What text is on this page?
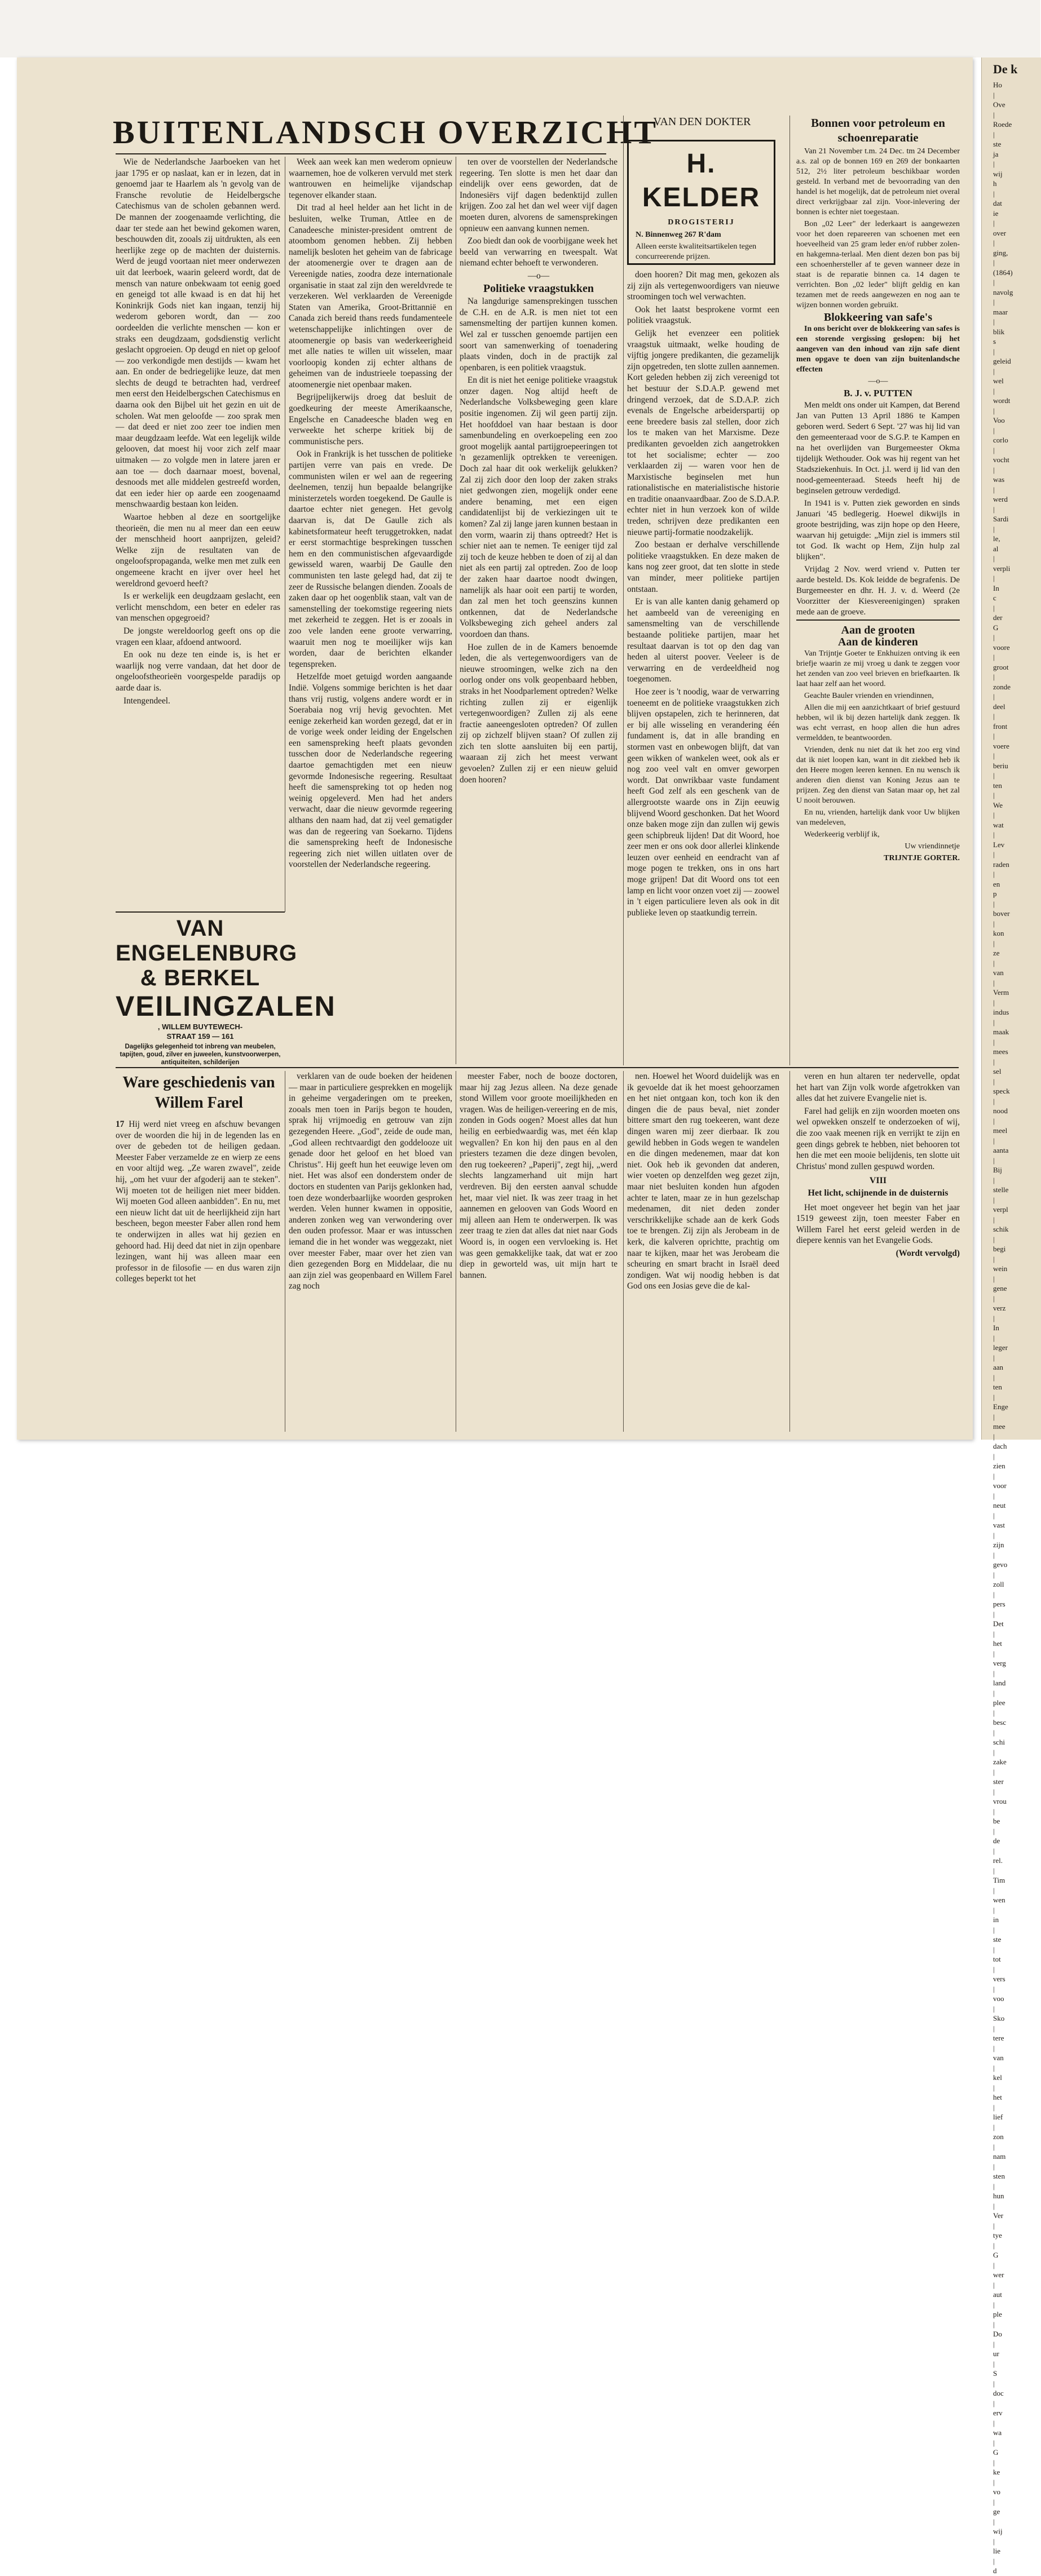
BUITENLANDSCH OVERZICHT

Wie de Nederlandsche Jaarboeken van het jaar 1795 er op naslaat, kan er in lezen, dat in genoemd jaar te Haarlem als 'n gevolg van de Fransche revolutie de Heidelbergsche Catechismus van de scholen gebannen werd. De mannen der zoogenaamde verlichting, die daar ter stede aan het bewind gekomen waren, beschouwden dit, zooals zij uitdrukten, als een heerlijke zege op de machten der duisternis. Werd de jeugd voortaan niet meer onderwezen uit dat leerboek, waarin geleerd wordt, dat de mensch van nature onbekwaam tot eenig goed en geneigd tot alle kwaad is en dat hij het Koninkrijk Gods niet kan ingaan, tenzij hij wederom geboren wordt, dan — zoo oordeelden die verlichte menschen — kon er straks een deugdzaam, godsdienstig verlicht geslacht opgroeien. Op deugd en niet op geloof — zoo verkondigde men destijds — kwam het aan. En onder de bedriegelijke leuze, dat men slechts de deugd te betrachten had, verdreef men eerst den Heidelbergschen Catechismus en daarna ook den Bijbel uit het gezin en uit de scholen. Wat men geloofde — zoo sprak men — dat deed er niet zoo zeer toe indien men maar deugdzaam leefde. Wat een legelijk wilde gelooven, dat moest hij voor zich zelf maar uitmaken — zo volgde men in latere jaren er aan toe — doch daarnaar moest, bovenal, desnoods met alle middelen gestreefd worden, dat een ieder hier op aarde een zoogenaamd menschwaardig bestaan kon leiden.

Waartoe hebben al deze en soortgelijke theorieën, die men nu al meer dan een eeuw der menschheid hoort aanprijzen, geleid? Welke zijn de resultaten van de ongeloofspropaganda, welke men met zulk een ongemeene kracht en ijver over heel het wereldrond gevoerd heeft?

Is er werkelijk een deugdzaam geslacht, een verlicht menschdom, een beter en edeler ras van menschen opgegroeid?

De jongste wereldoorlog geeft ons op die vragen een klaar, afdoend antwoord.

En ook nu deze ten einde is, is het er waarlijk nog verre vandaan, dat het door de ongeloofstheorieën voorgespelde paradijs op aarde daar is.

Intengendeel.

Week aan week kan men wederom opnieuw waarnemen, hoe de volkeren vervuld met sterk wantrouwen en heimelijke vijandschap tegenover elkander staan.

Dit trad al heel helder aan het licht in de besluiten, welke Truman, Attlee en de Canadeesche minister-president omtrent de atoombom genomen hebben. Zij hebben namelijk besloten het geheim van de fabricage der atoomenergie over te dragen aan de Vereenigde naties, zoodra deze internationale organisatie in staat zal zijn den wereldvrede te verzekeren. Wel verklaarden de Vereenigde Staten van Amerika, Groot-Brittannië en Canada zich bereid thans reeds fundamenteele wetenschappelijke inlichtingen over de atoomenergie op basis van wederkeerigheid met alle naties te willen uit wisselen, maar voorloopig konden zij echter althans de geheimen van de industrieele toepassing der atoomenergie niet openbaar maken.

Begrijpelijkerwijs droeg dat besluit de goedkeuring der meeste Amerikaansche, Engelsche en Canadeesche bladen weg en verweekte het scherpe kritiek bij de communistische pers.

Ook in Frankrijk is het tusschen de politieke partijen verre van pais en vrede. De communisten wilen er wel aan de regeering deelnemen, tenzij hun bepaalde belangrijke ministerzetels worden toegekend. De Gaulle is daartoe echter niet genegen. Het gevolg daarvan is, dat De Gaulle zich als kabinetsformateur heeft teruggetrokken, nadat er eerst stormachtige besprekingen tusschen hem en den communistischen afgevaardigde gewisseld waren, waarbij De Gaulle den communisten ten laste gelegd had, dat zij te zeer de Russische belangen dienden. Zooals de zaken daar op het oogenblik staan, valt van de samenstelling der toekomstige regeering niets met zekerheid te zeggen. Het is er zooals in zoo vele landen eene groote verwarring, waaruit men nog te moeilijker wijs kan worden, daar de berichten elkander tegenspreken.

Hetzelfde moet getuigd worden aangaande Indië. Volgens sommige berichten is het daar thans vrij rustig, volgens andere wordt er in Soerabaia nog vrij hevig gevochten. Met eenige zekerheid kan worden gezegd, dat er in de vorige week onder leiding der Engelschen een samenspreking heeft plaats gevonden tusschen door de Nederlandsche regeering daartoe gemachtigden met een nieuw gevormde Indonesische regeering. Resultaat heeft die samenspreking tot op heden nog weinig opgeleverd. Men had het anders verwacht, daar die nieuw gevormde regeering althans den naam had, dat zij veel gematigder was dan de regeering van Soekarno. Tijdens die samenspreking heeft de Indonesische regeering zich niet willen uitlaten over de voorstellen der Nederlandsche regeering.

ten over de voorstellen der Nederlandsche regeering. Ten slotte is men het daar dan eindelijk over eens geworden, dat de Indonesiërs vijf dagen bedenktijd zullen krijgen. Zoo zal het dan wel weer vijf dagen moeten duren, alvorens de samensprekingen opnieuw een aanvang kunnen nemen.

Zoo biedt dan ook de voorbijgane week het beeld van verwarring en tweespalt. Wat niemand echter behoeft te verwonderen.

—o—

Politieke vraagstukken

Na langdurige samensprekingen tusschen de C.H. en de A.R. is men niet tot een samensmelting der partijen kunnen komen. Wel zal er tusschen genoemde partijen een soort van samenwerking of toenadering plaats vinden, doch in de practijk zal openbaren, is een politiek vraagstuk.

En dit is niet het eenige politieke vraagstuk onzer dagen. Nog altijd heeft de Nederlandsche Volksbeweging geen klare positie ingenomen. Zij wil geen partij zijn. Het hoofddoel van haar bestaan is door samenbundeling en overkoepeling een zoo groot mogelijk aantal partijgroepeeringen tot 'n gezamenlijk optrekken te vereenigen. Doch zal haar dit ook werkelijk gelukken? Zal zij zich door den loop der zaken straks niet gedwongen zien, mogelijk onder eene andere benaming, met een eigen candidatenlijst bij de verkiezingen uit te komen? Zal zij lange jaren kunnen bestaan in den vorm, waarin zij thans optreedt? Het is schier niet aan te nemen. Te eeniger tijd zal zij toch de keuze hebben te doen of zij al dan niet als een partij zal optreden. Zoo de loop der zaken haar daartoe noodt dwingen, namelijk als haar ooit een partij te worden, dan zal men het toch geenszins kunnen ontkennen, dat de Nederlandsche Volksbeweging zich geheel anders zal voordoen dan thans.

Hoe zullen de in de Kamers benoemde leden, die als vertegenwoordigers van de nieuwe stroomingen, welke zich na den oorlog onder ons volk geopenbaard hebben, straks in het Noodparlement optreden? Welke richting zullen zij er eigenlijk vertegenwoordigen? Zullen zij als eene fractie aaneengesloten optreden? Of zullen zij op zichzelf blijven staan? Of zullen zij zich ten slotte aansluiten bij een partij, waaraan zij zich het meest verwant gevoelen? Zullen zij er een nieuw geluid doen hooren?

VAN DEN DOKTER
H. KELDER
DROGISTERIJ
N. Binnenweg 267 R'dam
Alleen eerste kwaliteitsartikelen tegen concurreerende prijzen.

doen hooren? Dit mag men, gekozen als zij zijn als vertegenwoordigers van nieuwe stroomingen toch wel verwachten.

Ook het laatst besprokene vormt een politiek vraagstuk.

Gelijk het evenzeer een politiek vraagstuk uitmaakt, welke houding de vijftig jongere predikanten, die gezamelijk zijn opgetreden, ten slotte zullen aannemen. Kort geleden hebben zij zich vereenigd tot het bestuur der S.D.A.P. gewend met dringend verzoek, dat de S.D.A.P. zich evenals de Engelsche arbeiderspartij op eene breedere basis zal stellen, door zich los te maken van het Marxisme. Deze predikanten gevoelden zich aangetrokken tot het socialisme; echter — zoo verklaarden zij — waren voor hen de Marxistische beginselen met hun rationalistische en materialistische historie en traditie onaanvaardbaar. Zoo de S.D.A.P. echter niet in hun verzoek kon of wilde treden, schrijven deze predikanten een nieuwe partij-formatie noodzakelijk.

Zoo bestaan er derhalve verschillende politieke vraagstukken. En deze maken de kans nog zeer groot, dat ten slotte in stede van minder, meer politieke partijen ontstaan.

Er is van alle kanten danig gehamerd op het aambeeld van de vereeniging en samensmelting van de verschillende bestaande politieke partijen, maar het resultaat daarvan is tot op den dag van heden al uiterst poover. Veeleer is de verwarring en de verdeeldheid nog toegenomen.

Hoe zeer is 't noodig, waar de verwarring toeneemt en de politieke vraagstukken zich blijven opstapelen, zich te herinneren, dat er bij alle wisseling en verandering één fundament is, dat in alle branding en stormen vast en onbewogen blijft, dat van geen wikken of wankelen weet, ook als er nog zoo veel valt en omver geworpen wordt. Dat onwrikbaar vaste fundament heeft God zelf als een geschenk van de allergrootste waarde ons in Zijn eeuwig blijvend Woord geschonken. Dat het Woord onze baken moge zijn dan zullen wij gewis geen schipbreuk lijden! Dat dit Woord, hoe zeer men er ons ook door allerlei klinkende leuzen over eenheid en eendracht van af moge pogen te trekken, ons in ons hart moge grijpen! Dat dit Woord ons tot een lamp en licht voor onzen voet zij — zoowel in 't eigen particuliere leven als ook in dit publieke leven op staatkundig terrein.

Bonnen voor petroleum en schoenreparatie

Van 21 November t.m. 24 Dec. tm 24 December a.s. zal op de bonnen 169 en 269 der bonkaarten 512, 2½ liter petroleum beschikbaar worden gesteld. In verband met de bevoorrading van den handel is het mogelijk, dat de petroleum niet overal direct verkrijgbaar zal zijn. Voor-inlevering der bonnen is echter niet toegestaan.

Bon „02 Leer" der lederkaart is aangewezen voor het doen repareeren van schoenen met een hoeveelheid van 25 gram leder en/of rubber zolen- en hakgemna-terlaal. Men dient dezen bon pas bij een schoenhersteller af te geven wanneer deze in staat is de reparatie binnen ca. 14 dagen te verrichten. Bon „02 leder" blijft geldig en kan tezamen met de reeds aangewezen en nog aan te wijzen bonnen worden gebruikt.

Blokkeering van safe's

In ons bericht over de blokkeering van safes is een storende vergissing geslopen: bij het aangeven van den inhoud van zijn safe dient men opgave te doen van zijn buitenlandsche effecten

—o—

B. J. v. PUTTEN

Men meldt ons onder uit Kampen, dat Berend Jan van Putten 13 April 1886 te Kampen geboren werd. Sedert 6 Sept. '27 was hij lid van den gemeenteraad voor de S.G.P. te Kampen en na het overlijden van Burgemeester Okma tijdelijk Wethouder. Ook was hij regent van het Stadsziekenhuis. In Oct. j.l. werd ij lid van den nood-gemeenteraad. Steeds heeft hij de beginselen getrouw verdedigd.

In 1941 is v. Putten ziek geworden en sinds Januari '45 bedlegerig. Hoewel dikwijls in groote bestrijding, was zijn hope op den Heere, waarvan hij getuigde: „Mijn ziel is immers stil tot God. Ik wacht op Hem, Zijn hulp zal blijken".

Vrijdag 2 Nov. werd vriend v. Putten ter aarde besteld. Ds. Kok leidde de begrafenis. De Burgemeester en dhr. H. J. v. d. Weerd (2e Voorzitter der Kiesvereenigingen) spraken mede aan de groeve.

Aan de grooten

Aan de kinderen

Van Trijntje Goeter te Enkhuizen ontving ik een briefje waarin ze mij vroeg u dank te zeggen voor het zenden van zoo veel brieven en briefkaarten. Ik laat haar zelf aan het woord.

Geachte Bauler vrienden en vriendinnen,

Allen die mij een aanzichtkaart of brief gestuurd hebben, wil ik bij dezen hartelijk dank zeggen. Ik was echt verrast, en hoop allen die hun adres vermeldden, te beantwoorden.

Vrienden, denk nu niet dat ik het zoo erg vind dat ik niet loopen kan, want in dit ziekbed heb ik den Heere mogen leeren kennen. En nu wensch ik anderen dien dienst van Koning Jezus aan te prijzen. Zeg den dienst van Satan maar op, het zal U nooit berouwen.

En nu, vrienden, hartelijk dank voor Uw blijken van medeleven,

Wederkeerig verblijf ik,

Uw vriendinnetje

TRIJNTJE GORTER.

VAN ENGELENBURG
& BERKEL
VEILINGZALEN
, WILLEM BUYTEWECH-
STRAAT 159 — 161
Dagelijks gelegenheid tot inbreng van meubelen, tapijten, goud, zilver en juweelen, kunstvoorwerpen, antiquiteiten, schilderijen
Ware geschiedenis van Willem Farel

17 Hij werd niet vreeg en afschuw bevangen over de woorden die hij in de legenden las en over de gebeden tot de heiligen gedaan. Meester Faber verzamelde ze en wierp ze eens en voor altijd weg. „Ze waren zwavel", zeide hij, „om het vuur der afgoderij aan te steken". Wij moeten tot de heiligen niet meer bidden. Wij moeten God alleen aanbidden". En nu, met een nieuw licht dat uit de heerlijkheid zijn hart bescheen, begon meester Faber allen rond hem te onderwijzen in alles wat hij gezien en gehoord had. Hij deed dat niet in zijn openbare lezingen, want hij was alleen maar een professor in de filosofie — en dus waren zijn colleges beperkt tot het

verklaren van de oude boeken der heidenen — maar in particuliere gesprekken en mogelijk in geheime vergaderingen om te preeken, zooals men toen in Parijs begon te houden, sprak hij vrijmoedig en getrouw van zijn gezegenden Heere. „God", zeide de oude man, „God alleen rechtvaardigt den goddelooze uit genade door het geloof en het bloed van Christus". Hij geeft hun het eeuwige leven om niet. Het was alsof een donderstem onder de doctors en studenten van Parijs geklonken had, toen deze wonderbaarlijke woorden gesproken werden. Velen hunner kwamen in oppositie, anderen zonken weg van verwondering over den ouden professor. Maar er was intusschen iemand die in het wonder was weggezakt, niet over meester Faber, maar over het zien van dien gezegenden Borg en Middelaar, die nu aan zijn ziel was geopenbaard en Willem Farel zag noch

meester Faber, noch de booze doctoren, maar hij zag Jezus alleen. Na deze genade stond Willem voor groote moeilijkheden en vragen. Was de heiligen-vereering en de mis, zonden in Gods oogen? Moest alles dat hun heilig en eerbiedwaardig was, met één klap wegvallen? En kon hij den paus en al den priesters tezamen die deze dingen bevolen, den rug toekeeren? „Paperij", zegt hij, „werd slechts langzamerhand uit mijn hart verdreven. Bij den eersten aanval schudde het, maar viel niet. Ik was zeer traag in het aannemen en gelooven van Gods Woord en mij alleen aan Hem te onderwerpen. Ik was zeer traag te zien dat alles dat niet naar Gods Woord is, in oogen een vervloeking is. Het was geen gemakkelijke taak, dat wat er zoo diep in geworteld was, uit mijn hart te bannen.

nen. Hoewel het Woord duidelijk was en ik gevoelde dat ik het moest gehoorzamen en het niet ontgaan kon, toch kon ik den dingen die de paus beval, niet zonder bittere smart den rug toekeeren, want deze dingen waren mij zeer dierbaar. Ik zou gewild hebben in Gods wegen te wandelen en die dingen medenemen, maar dat kon niet. Ook heb ik gevonden dat anderen, wier voeten op denzelfden weg gezet zijn, maar niet besluiten konden hun afgoden achter te laten, maar ze in hun gezelschap medenamen, dit niet deden zonder verschrikkelijke schade aan de kerk Gods toe te brengen. Zij zijn als Jerobeam in de kerk, die kalveren oprichtte, prachtig om naar te kijken, maar het was Jerobeam die scheuring en smart bracht in Israël deed zondigen. Wat wij noodig hebben is dat God ons een Josias geve die de kal-

veren en hun altaren ter nedervelle, opdat het hart van Zijn volk worde afgetrokken van alles dat het zuivere Evangelie niet is.

Farel had gelijk en zijn woorden moeten ons wel opwekken onszelf te onderzoeken of wij, die zoo vaak meenen rijk en verrijkt te zijn en geen dings gebrek te hebben, niet behooren tot hen die met een mooie belijdenis, ten slotte uit Christus' mond zullen gespuwd worden.

VIII

Het licht, schijnende in de duisternis

Het moet ongeveer het begin van het jaar 1519 geweest zijn, toen meester Faber en Willem Farel het eerst geleid werden in de diepere kennis van het Evangelie Gods.

(Wordt vervolgd)

De k
Ho | Ove | Roede | ste ja | wij h | dat ie | over | ging, | (1864) | navolg | maar | blik s | geleid | wel | wordt | Voo | corlo | vocht | was | werd | Sardi | le, al | verpli | In c | der G | voore | groot | zonde | deel | front | voere | beriu | ten | We | wat | Lev | raden | en p | bover | kon | ze | van | Verm | indus | maak | mees | sel | speck | nood | meel | aanta | Bij | stelle | verpl | schik | begi | wein | gene | verz | In | leger | aan | ten | Enge | mee | dach | zien | voor | neut | vast | zijn | gevo | zoll | pers | Det | het | verg | land | plee | besc | schi | zake | ster | vrou | be | de | rel. | Tim | wen | in | ste | tot | vers | voo | Sko | tere | van | kel | het | lief | zon | nam | sten | hun | Ver | tye | G | wer | aut | ple | Do | ur | S | doc | erv | wa | G | ke | vo | ge | wij | lie | d
